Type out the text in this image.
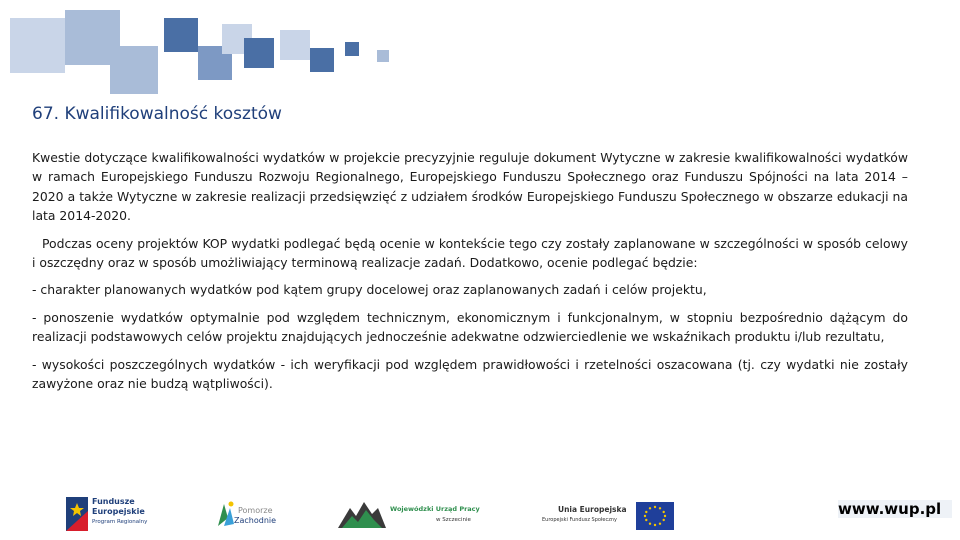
67. Kwalifikowalność kosztów

Kwestie dotyczące kwalifikowalności wydatków w projekcie precyzyjnie reguluje dokument Wytyczne w zakresie kwalifikowalności wydatków w ramach Europejskiego Funduszu Rozwoju Regionalnego, Europejskiego Funduszu Społecznego oraz Funduszu Spójności na lata 2014 – 2020 a także Wytyczne w zakresie realizacji przedsięwzięć z udziałem środków Europejskiego Funduszu Społecznego w obszarze edukacji na lata 2014-2020.

Podczas oceny projektów KOP wydatki podlegać będą ocenie w kontekście tego czy zostały zaplanowane w szczególności w sposób celowy i oszczędny oraz w sposób umożliwiający terminową realizacje zadań. Dodatkowo, ocenie podlegać będzie:

- charakter planowanych wydatków pod kątem grupy docelowej oraz zaplanowanych zadań i celów projektu,

- ponoszenie wydatków optymalnie pod względem technicznym, ekonomicznym i funkcjonalnym, w stopniu bezpośrednio dążącym do realizacji podstawowych celów projektu znajdujących jednocześnie adekwatne odzwierciedlenie we wskaźnikach produktu i/lub rezultatu,

- wysokości poszczególnych wydatków - ich weryfikacji pod względem prawidłowości i rzetelności oszacowana (tj. czy wydatki nie zostały zawyżone oraz nie budzą wątpliwości).

Fundusze
Europejskie
Program Regionalny
Pomorze
Zachodnie
Wojewódzki Urząd Pracy
w Szczecinie
Unia Europejska
Europejski Fundusz Społeczny
www.wup.pl
